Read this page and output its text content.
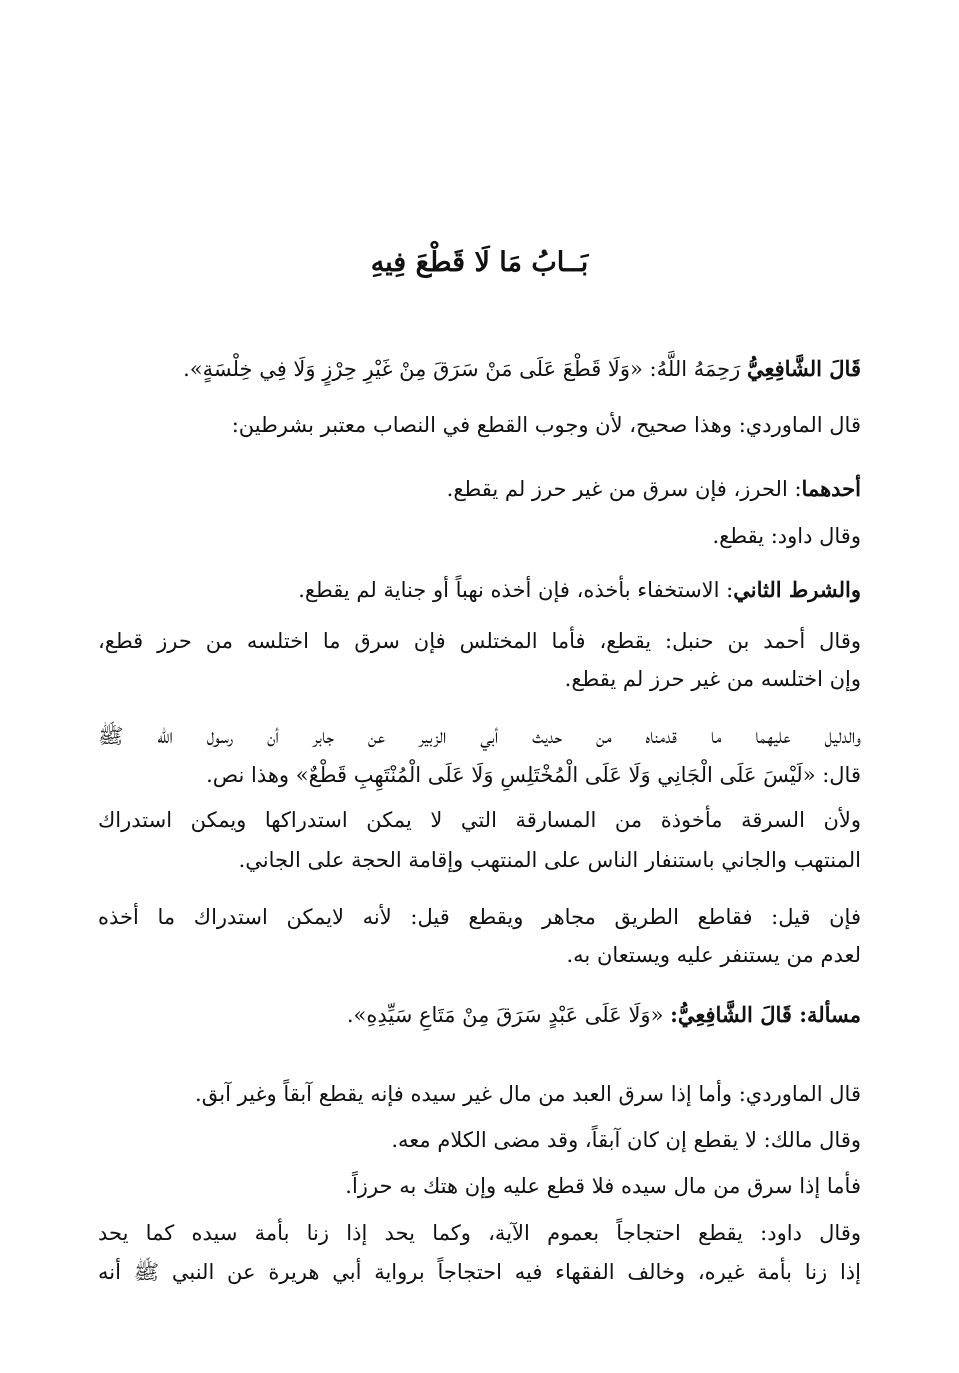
بَــابُ مَا لَا قَطْعَ فِيهِ

قَالَ الشَّافِعِيُّ رَحِمَهُ اللَّهُ: «وَلَا قَطْعَ عَلَى مَنْ سَرَقَ مِنْ غَيْرِ حِرْزٍ وَلَا فِي خِلْسَةٍ».

قال الماوردي: وهذا صحيح، لأن وجوب القطع في النصاب معتبر بشرطين:

أحدهما: الحرز، فإن سرق من غير حرز لم يقطع.

وقال داود: يقطع.

والشرط الثاني: الاستخفاء بأخذه، فإن أخذه نهباً أو جناية لم يقطع.

وقال أحمد بن حنبل: يقطع، فأما المختلس فإن سرق ما اختلسه من حرز قطع،

وإن اختلسه من غير حرز لم يقطع.

والدليل عليهما ما قدمناه من حديث أبي الزبير عن جابر أن رسول الله ﷺ

قال: «لَيْسَ عَلَى الْجَانِي وَلَا عَلَى الْمُخْتَلِسِ وَلَا عَلَى الْمُنْتَهِبِ قَطْعٌ» وهذا نص.

ولأن السرقة مأخوذة من المسارقة التي لا يمكن استدراكها ويمكن استدراك

المنتهب والجاني باستنفار الناس على المنتهب وإقامة الحجة على الجاني.

فإن قيل: فقاطع الطريق مجاهر ويقطع قيل: لأنه لايمكن استدراك ما أخذه

لعدم من يستنفر عليه ويستعان به.

مسألة: قَالَ الشَّافِعِيُّ: «وَلَا عَلَى عَبْدٍ سَرَقَ مِنْ مَتَاعِ سَيِّدِهِ».

قال الماوردي: وأما إذا سرق العبد من مال غير سيده فإنه يقطع آبقاً وغير آبق.

وقال مالك: لا يقطع إن كان آبقاً، وقد مضى الكلام معه.

فأما إذا سرق من مال سيده فلا قطع عليه وإن هتك به حرزاً.

وقال داود: يقطع احتجاجاً بعموم الآية، وكما يحد إذا زنا بأمة سيده كما يحد

إذا زنا بأمة غيره، وخالف الفقهاء فيه احتجاجاً برواية أبي هريرة عن النبي ﷺ أنه
